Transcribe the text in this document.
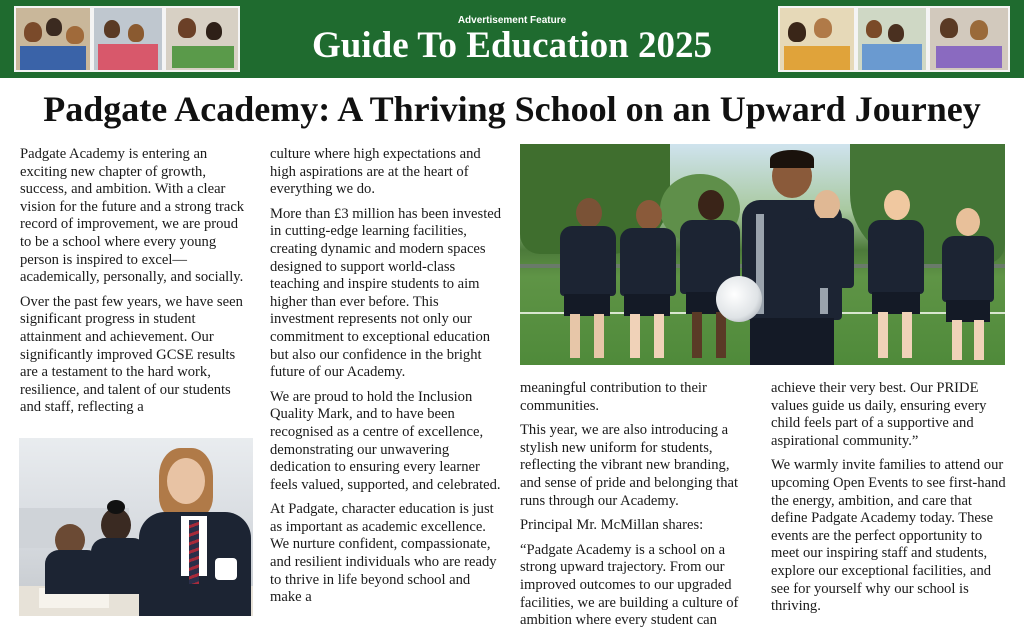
Advertisement Feature
Guide To Education 2025
Padgate Academy: A Thriving School on an Upward Journey

Padgate Academy is entering an exciting new chapter of growth, success, and ambition. With a clear vision for the future and a strong track record of improvement, we are proud to be a school where every young person is inspired to excel—academically, personally, and socially.

Over the past few years, we have seen significant progress in student attainment and achievement. Our significantly improved GCSE results are a testament to the hard work, resilience, and talent of our students and staff, reflecting a

culture where high expectations and high aspirations are at the heart of everything we do.

More than £3 million has been invested in cutting-edge learning facilities, creating dynamic and modern spaces designed to support world-class teaching and inspire students to aim higher than ever before. This investment represents not only our commitment to exceptional education but also our confidence in the bright future of our Academy.

We are proud to hold the Inclusion Quality Mark, and to have been recognised as a centre of excellence, demonstrating our unwavering dedication to ensuring every learner feels valued, supported, and celebrated.

At Padgate, character education is just as important as academic excellence. We nurture confident, compassionate, and resilient individuals who are ready to thrive in life beyond school and make a

meaningful contribution to their communities.

This year, we are also introducing a stylish new uniform for students, reflecting the vibrant new branding, and sense of pride and belonging that runs through our Academy.

Principal Mr. McMillan shares:

“Padgate Academy is a school on a strong upward trajectory. From our improved outcomes to our upgraded facilities, we are building a culture of ambition where every student can

achieve their very best. Our PRIDE values guide us daily, ensuring every child feels part of a supportive and aspirational community.”

We warmly invite families to attend our upcoming Open Events to see first-hand the energy, ambition, and care that define Padgate Academy today. These events are the perfect opportunity to meet our inspiring staff and students, explore our exceptional facilities, and see for yourself why our school is thriving.
